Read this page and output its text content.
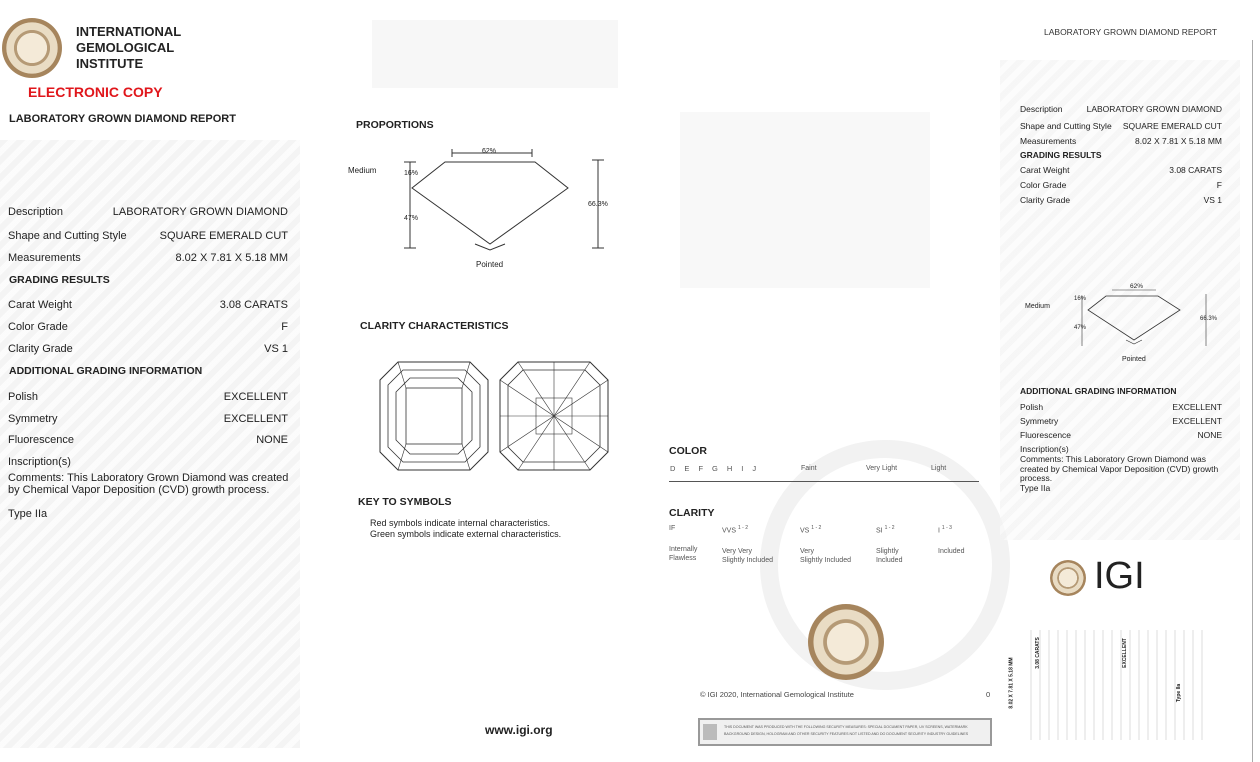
INTERNATIONAL
GEMOLOGICAL
INSTITUTE
ELECTRONIC COPY
LABORATORY GROWN DIAMOND REPORT
Description	LABORATORY GROWN DIAMOND
Shape and Cutting Style	SQUARE EMERALD CUT
Measurements	8.02 X 7.81 X 5.18 MM
GRADING RESULTS
Carat Weight	3.08 CARATS
Color Grade	F
Clarity Grade	VS 1
ADDITIONAL GRADING INFORMATION
Polish	EXCELLENT
Symmetry	EXCELLENT
Fluorescence	NONE
Inscription(s)
Comments: This Laboratory Grown Diamond was created by Chemical Vapor Deposition (CVD) growth process.
Type IIa
PROPORTIONS
62%
Medium	16%
47%
66.3%
Pointed
CLARITY CHARACTERISTICS
KEY TO SYMBOLS
Red symbols indicate internal characteristics.
Green symbols indicate external characteristics.
www.igi.org
COLOR
D E F G H I J	Faint	Very Light	Light
CLARITY
IF
Internally
Flawless
VVS $^{1 - 2}$
Very Very
Slightly Included
VS $^{1 - 2}$
Very
Slightly Included
SI $^{1 - 2}$
Slightly
Included
I $^{1 - 3}$
Included
© IGI 2020, International Gemological Institute	0
THIS DOCUMENT WAS PRODUCED WITH THE FOLLOWING SECURITY MEASURES: SPECIAL DOCUMENT PAPER, UV SCREENS, WATERMARK
BACKGROUND DESIGN, HOLOGRAM AND OTHER SECURITY FEATURES NOT LISTED AND DO DOCUMENT SECURITY INDUSTRY GUIDELINES
LABORATORY GROWN DIAMOND REPORT
Description	LABORATORY GROWN DIAMOND
Shape and Cutting Style SQUARE EMERALD CUT
Measurements	8.02 X 7.81 X 5.18 MM
GRADING RESULTS
Carat Weight	3.08 CARATS
Color Grade	F
Clarity Grade	VS 1
62%
Medium
16%
47%
66.3%
Pointed
ADDITIONAL GRADING INFORMATION
Polish	EXCELLENT
Symmetry	EXCELLENT
Fluorescence	NONE
Inscription(s)
Comments: This Laboratory Grown Diamond was created by Chemical Vapor Deposition (CVD) growth process.
Type IIa
IGI
8.02 X 7.81 X 5.18 MM
3.08 CARATS	EXCELLENT
Type IIa
